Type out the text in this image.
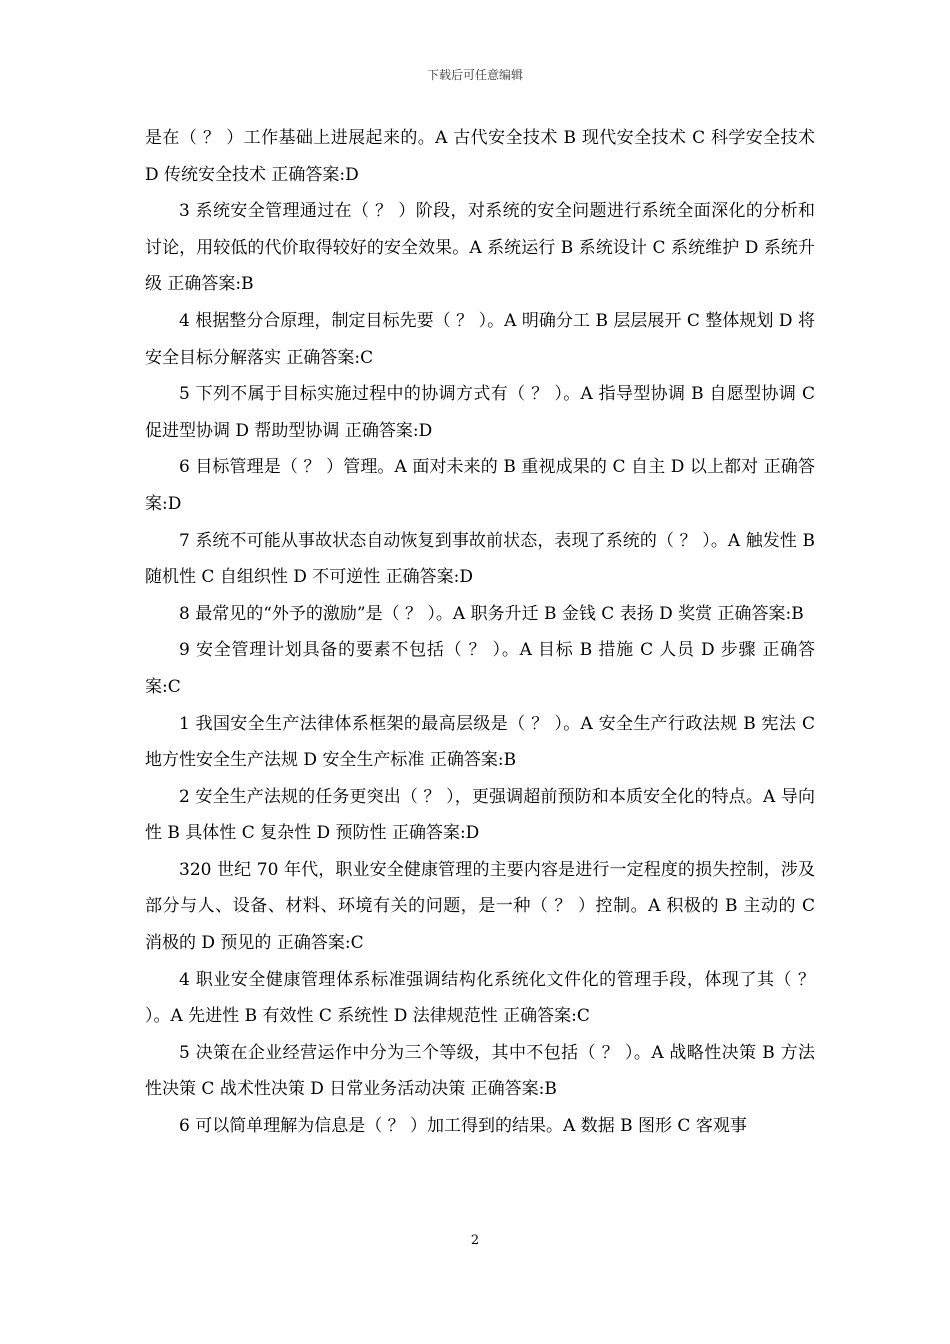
下载后可任意编辑

是在（ ？ ）工作基础上进展起来的。A 古代安全技术 B 现代安全技术 C 科学安全技术 D 传统安全技术 正确答案:D

3 系统安全管理通过在（ ？ ）阶段，对系统的安全问题进行系统全面深化的分析和讨论，用较低的代价取得较好的安全效果。A 系统运行 B 系统设计 C 系统维护 D 系统升级 正确答案:B

4 根据整分合原理，制定目标先要（ ？ ）。A 明确分工 B 层层展开 C 整体规划 D 将安全目标分解落实 正确答案:C

5 下列不属于目标实施过程中的协调方式有（ ？ ）。A 指导型协调 B 自愿型协调 C 促进型协调 D 帮助型协调 正确答案:D

6 目标管理是（ ？ ）管理。A 面对未来的 B 重视成果的 C 自主 D 以上都对 正确答案:D

7 系统不可能从事故状态自动恢复到事故前状态，表现了系统的（ ？ ）。A 触发性 B 随机性 C 自组织性 D 不可逆性 正确答案:D

8 最常见的“外予的激励”是（ ？ ）。A 职务升迁 B 金钱 C 表扬 D 奖赏 正确答案:B

9 安全管理计划具备的要素不包括（ ？ ）。A 目标 B 措施 C 人员 D 步骤 正确答案:C

1 我国安全生产法律体系框架的最高层级是（ ？ ）。A 安全生产行政法规 B 宪法 C 地方性安全生产法规 D 安全生产标准 正确答案:B

2 安全生产法规的任务更突出（ ？ ），更强调超前预防和本质安全化的特点。A 导向性 B 具体性 C 复杂性 D 预防性 正确答案:D

320 世纪 70 年代，职业安全健康管理的主要内容是进行一定程度的损失控制，涉及部分与人、设备、材料、环境有关的问题，是一种（ ？ ）控制。A 积极的 B 主动的 C 消极的 D 预见的 正确答案:C

4 职业安全健康管理体系标准强调结构化系统化文件化的管理手段，体现了其（ ？ ）。A 先进性 B 有效性 C 系统性 D 法律规范性 正确答案:C

5 决策在企业经营运作中分为三个等级，其中不包括（ ？ ）。A 战略性决策 B 方法性决策 C 战术性决策 D 日常业务活动决策 正确答案:B

6 可以简单理解为信息是（ ？ ）加工得到的结果。A 数据 B 图形 C 客观事

2
